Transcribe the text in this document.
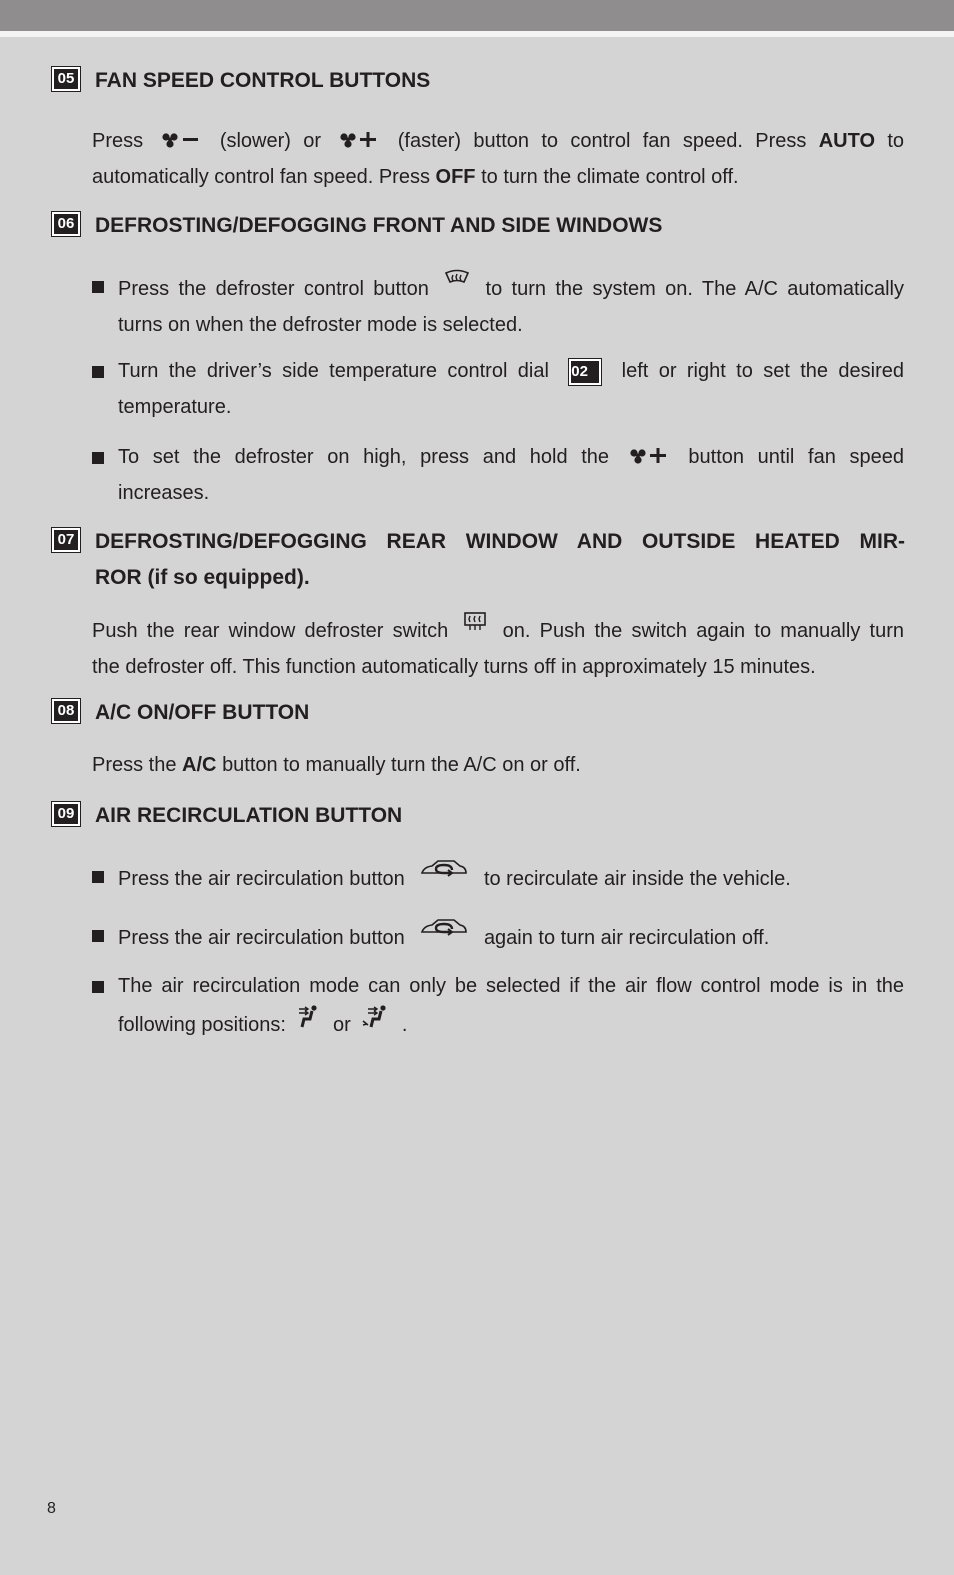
05 FAN SPEED CONTROL BUTTONS
Press	(slower) or	(faster) button to control fan speed. Press AUTO to
automatically control fan speed. Press OFF to turn the climate control off.
06 DEFROSTING/DEFOGGING FRONT AND SIDE WINDOWS
Press the defroster control button	to turn the system on. The A/C automatically
turns on when the defroster mode is selected.
Turn the driver’s side temperature control dial 02 left or right to set the desired
temperature.
To set the defroster on high, press and hold the	button until fan speed
increases.
07 DEFROSTING/DEFOGGING REAR WINDOW AND OUTSIDE HEATED MIR-
ROR (if so equipped).
Push the rear window defroster switch	on. Push the switch again to manually turn
the defroster off. This function automatically turns off in approximately 15 minutes.
08 A/C ON/OFF BUTTON
Press the A/C button to manually turn the A/C on or off.
09 AIR RECIRCULATION BUTTON
Press the air recirculation button	to recirculate air inside the vehicle.
Press the air recirculation button	again to turn air recirculation off.
The air recirculation mode can only be selected if the air flow control mode is in the
following positions: or	.
8
